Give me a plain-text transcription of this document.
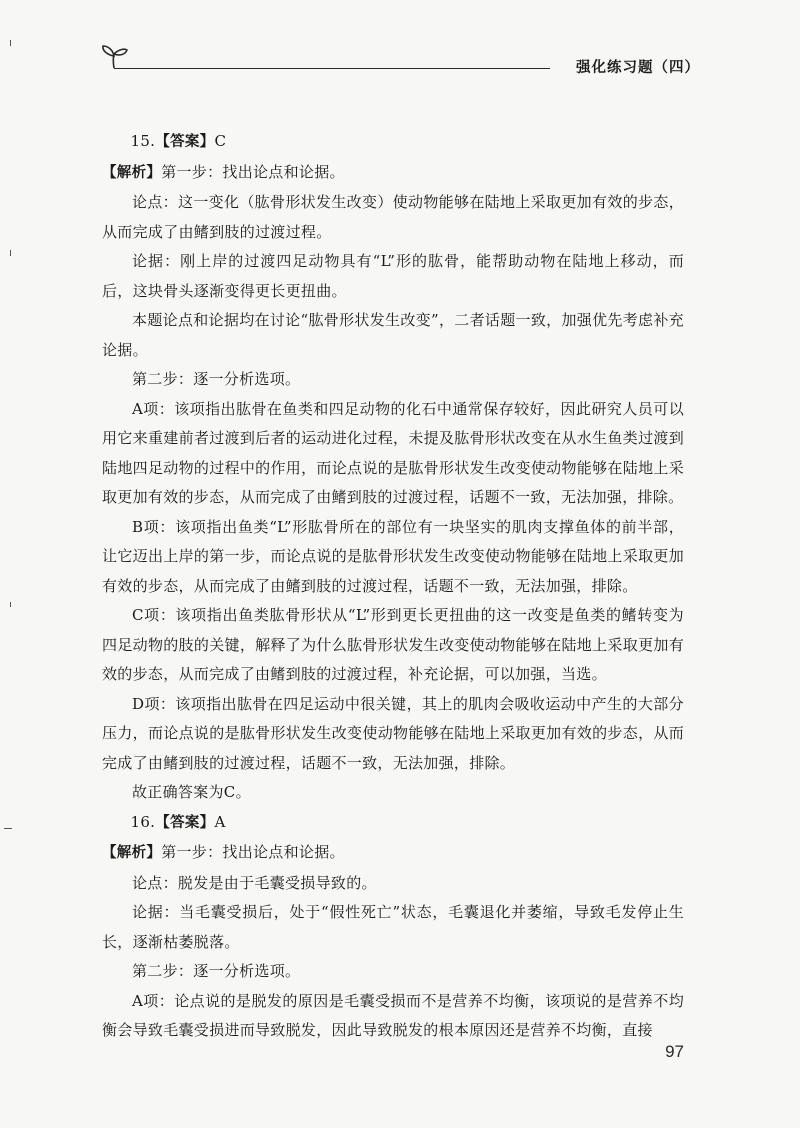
强化练习题（四）

15.【答案】C

【解析】第一步：找出论点和论据。

论点：这一变化（肱骨形状发生改变）使动物能够在陆地上采取更加有效的步态，从而完成了由鳍到肢的过渡过程。

论据：刚上岸的过渡四足动物具有“L”形的肱骨，能帮助动物在陆地上移动，而后，这块骨头逐渐变得更长更扭曲。

本题论点和论据均在讨论“肱骨形状发生改变”，二者话题一致，加强优先考虑补充论据。

第二步：逐一分析选项。

A项：该项指出肱骨在鱼类和四足动物的化石中通常保存较好，因此研究人员可以用它来重建前者过渡到后者的运动进化过程，未提及肱骨形状改变在从水生鱼类过渡到陆地四足动物的过程中的作用，而论点说的是肱骨形状发生改变使动物能够在陆地上采取更加有效的步态，从而完成了由鳍到肢的过渡过程，话题不一致，无法加强，排除。

B项：该项指出鱼类“L”形肱骨所在的部位有一块坚实的肌肉支撑鱼体的前半部，让它迈出上岸的第一步，而论点说的是肱骨形状发生改变使动物能够在陆地上采取更加有效的步态，从而完成了由鳍到肢的过渡过程，话题不一致，无法加强，排除。

C项：该项指出鱼类肱骨形状从“L”形到更长更扭曲的这一改变是鱼类的鳍转变为四足动物的肢的关键，解释了为什么肱骨形状发生改变使动物能够在陆地上采取更加有效的步态，从而完成了由鳍到肢的过渡过程，补充论据，可以加强，当选。

D项：该项指出肱骨在四足运动中很关键，其上的肌肉会吸收运动中产生的大部分压力，而论点说的是肱骨形状发生改变使动物能够在陆地上采取更加有效的步态，从而完成了由鳍到肢的过渡过程，话题不一致，无法加强，排除。

故正确答案为C。

16.【答案】A

【解析】第一步：找出论点和论据。

论点：脱发是由于毛囊受损导致的。

论据：当毛囊受损后，处于“假性死亡”状态，毛囊退化并萎缩，导致毛发停止生长，逐渐枯萎脱落。

第二步：逐一分析选项。

A项：论点说的是脱发的原因是毛囊受损而不是营养不均衡，该项说的是营养不均衡会导致毛囊受损进而导致脱发，因此导致脱发的根本原因还是营养不均衡，直接

97
